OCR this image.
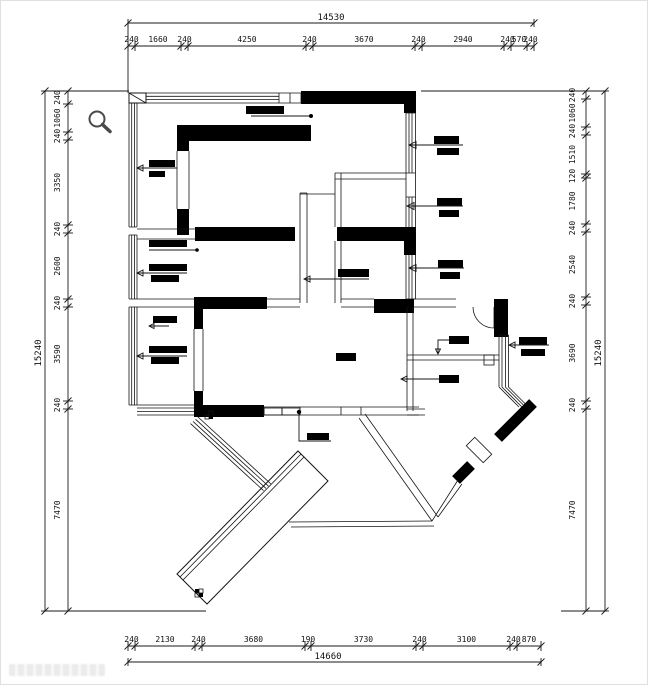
240 1660 240	4250	240	3670	240	2940	240
570
240
14530
240 2130 240	3680	190	3730	240	3100	240 870
14660
240
1060
240
3350
240
2600
240
3590
240
7470
15240
240
1060
240
1510
120
1780
240
2540
240
3690
240
7470
15240
